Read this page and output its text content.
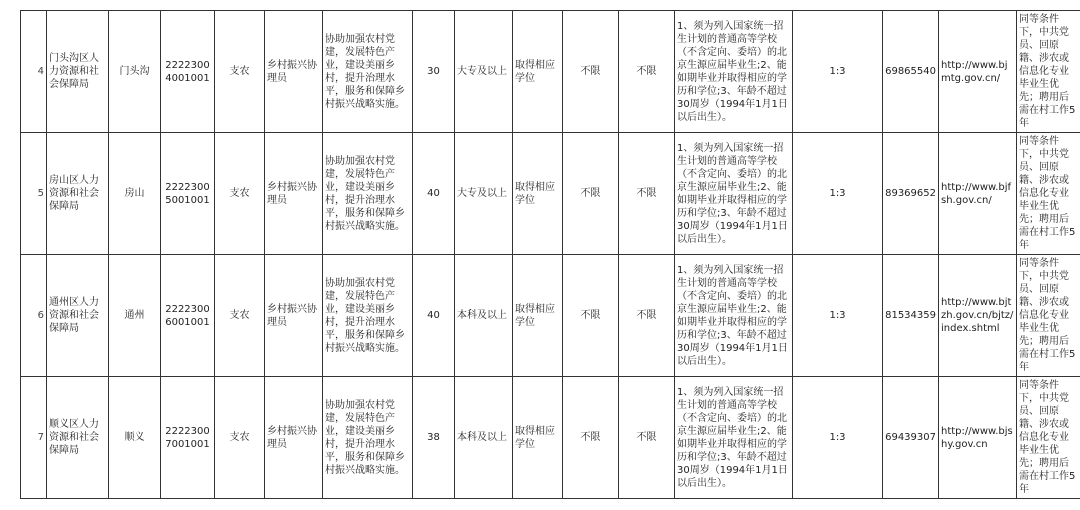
4	门头沟区人力资源和社会保障局	门头沟	22223004001001	支农	乡村振兴协理员	协助加强农村党建，发展特色产业，建设美丽乡村，提升治理水平，服务和保障乡村振兴战略实施。	30	大专及以上	取得相应学位	不限	不限	1、须为列入国家统一招生计划的普通高等学校（不含定向、委培）的北京生源应届毕业生;2、能如期毕业并取得相应的学历和学位;3、年龄不超过30周岁（1994年1月1日以后出生）。	1:3	69865540	http://www.bjmtg.gov.cn/	同等条件下，中共党员、回原籍、涉农或信息化专业毕业生优先；聘用后需在村工作5年
5	房山区人力资源和社会保障局	房山	22223005001001	支农	乡村振兴协理员	协助加强农村党建，发展特色产业，建设美丽乡村，提升治理水平，服务和保障乡村振兴战略实施。	40	大专及以上	取得相应学位	不限	不限	1、须为列入国家统一招生计划的普通高等学校（不含定向、委培）的北京生源应届毕业生;2、能如期毕业并取得相应的学历和学位;3、年龄不超过30周岁（1994年1月1日以后出生）。	1:3	89369652	http://www.bjfsh.gov.cn/	同等条件下，中共党员、回原籍、涉农或信息化专业毕业生优先；聘用后需在村工作5年
6	通州区人力资源和社会保障局	通州	22223006001001	支农	乡村振兴协理员	协助加强农村党建，发展特色产业，建设美丽乡村，提升治理水平，服务和保障乡村振兴战略实施。	40	本科及以上	取得相应学位	不限	不限	1、须为列入国家统一招生计划的普通高等学校（不含定向、委培）的北京生源应届毕业生;2、能如期毕业并取得相应的学历和学位;3、年龄不超过30周岁（1994年1月1日以后出生）。	1:3	81534359	http://www.bjtzh.gov.cn/bjtz/index.shtml	同等条件下，中共党员、回原籍、涉农或信息化专业毕业生优先；聘用后需在村工作5年
7	顺义区人力资源和社会保障局	顺义	22223007001001	支农	乡村振兴协理员	协助加强农村党建，发展特色产业，建设美丽乡村，提升治理水平，服务和保障乡村振兴战略实施。	38	本科及以上	取得相应学位	不限	不限	1、须为列入国家统一招生计划的普通高等学校（不含定向、委培）的北京生源应届毕业生;2、能如期毕业并取得相应的学历和学位;3、年龄不超过30周岁（1994年1月1日以后出生）。	1:3	69439307	http://www.bjshy.gov.cn	同等条件下，中共党员、回原籍、涉农或信息化专业毕业生优先；聘用后需在村工作5年
